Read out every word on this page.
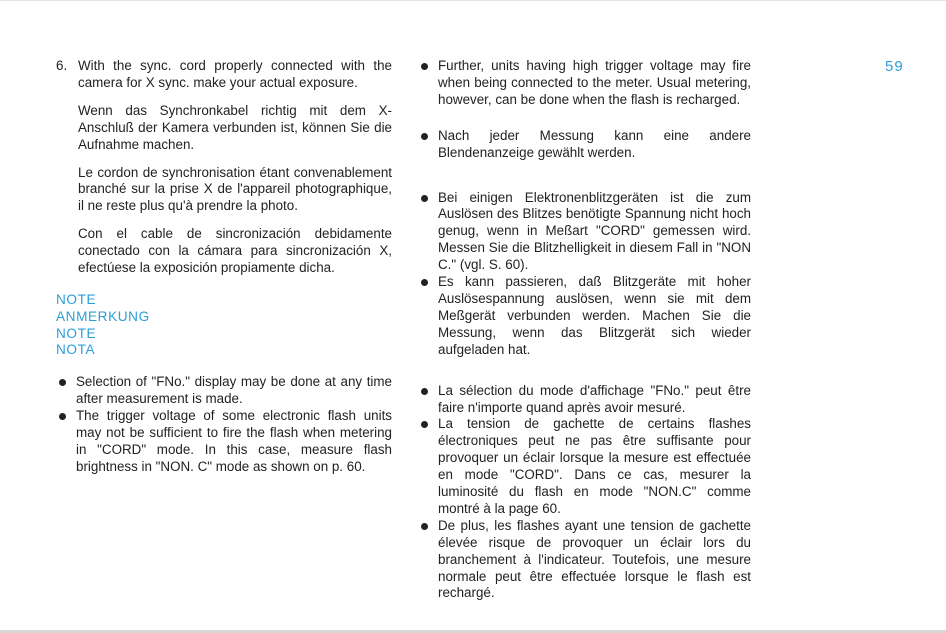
59
6. With the sync. cord properly connected with the camera for X sync. make your actual exposure.

Wenn das Synchronkabel richtig mit dem X-Anschluß der Kamera verbunden ist, können Sie die Aufnahme machen.

Le cordon de synchronisation étant convenablement branché sur la prise X de l'appareil photographique, il ne reste plus qu'à prendre la photo.

Con el cable de sincronización debidamente conectado con la cámara para sincronización X, efectúese la exposición propiamente dicha.

NOTE
ANMERKUNG
NOTE
NOTA
Selection of "FNo." display may be done at any time after measurement is made.
The trigger voltage of some electronic flash units may not be sufficient to fire the flash when metering in "CORD" mode. In this case, measure flash brightness in "NON. C" mode as shown on p. 60.
Further, units having high trigger voltage may fire when being connected to the meter. Usual metering, however, can be done when the flash is recharged.
Nach jeder Messung kann eine andere Blendenanzeige gewählt werden.
Bei einigen Elektronenblitzgeräten ist die zum Auslösen des Blitzes benötigte Spannung nicht hoch genug, wenn in Meßart "CORD" gemessen wird. Messen Sie die Blitzhelligkeit in diesem Fall in "NON C." (vgl. S. 60).
Es kann passieren, daß Blitzgeräte mit hoher Auslösespannung auslösen, wenn sie mit dem Meßgerät verbunden werden. Machen Sie die Messung, wenn das Blitzgerät sich wieder aufgeladen hat.
La sélection du mode d'affichage "FNo." peut être faire n'importe quand après avoir mesuré.
La tension de gachette de certains flashes électroniques peut ne pas être suffisante pour provoquer un éclair lorsque la mesure est effectuée en mode "CORD". Dans ce cas, mesurer la luminosité du flash en mode "NON.C" comme montré à la page 60.
De plus, les flashes ayant une tension de gachette élevée risque de provoquer un éclair lors du branchement à l'indicateur. Toutefois, une mesure normale peut être effectuée lorsque le flash est rechargé.
